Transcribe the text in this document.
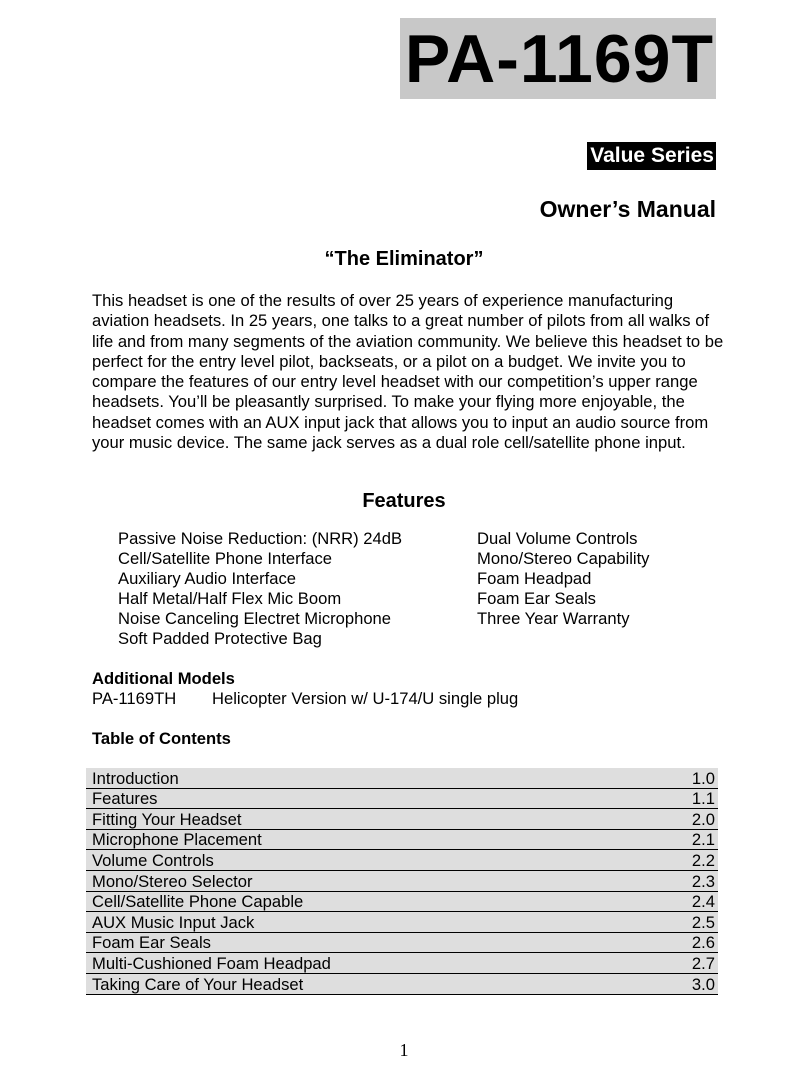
PA-1169T
Value Series
Owner’s Manual
“The Eliminator”
This headset is one of the results of over 25 years of experience manufacturing aviation headsets. In 25 years, one talks to a great number of pilots from all walks of life and from many segments of the aviation community. We believe this headset to be perfect for the entry level pilot, backseats, or a pilot on a budget. We invite you to compare the features of our entry level headset with our competition’s upper range headsets. You’ll be pleasantly surprised. To make your flying more enjoyable, the headset comes with an AUX input jack that allows you to input an audio source from your music device. The same jack serves as a dual role cell/satellite phone input.
Features
Passive Noise Reduction: (NRR) 24dB
Cell/Satellite Phone Interface
Auxiliary Audio Interface
Half Metal/Half Flex Mic Boom
Noise Canceling Electret Microphone
Soft Padded Protective Bag
Dual Volume Controls
Mono/Stereo Capability
Foam Headpad
Foam Ear Seals
Three Year Warranty
Additional Models
PA-1169TH Helicopter Version w/ U-174/U single plug
Table of Contents
Introduction	1.0
Features	1.1
Fitting Your Headset	2.0
Microphone Placement	2.1
Volume Controls	2.2
Mono/Stereo Selector	2.3
Cell/Satellite Phone Capable	2.4
AUX Music Input Jack	2.5
Foam Ear Seals	2.6
Multi-Cushioned Foam Headpad	2.7
Taking Care of Your Headset	3.0
1
